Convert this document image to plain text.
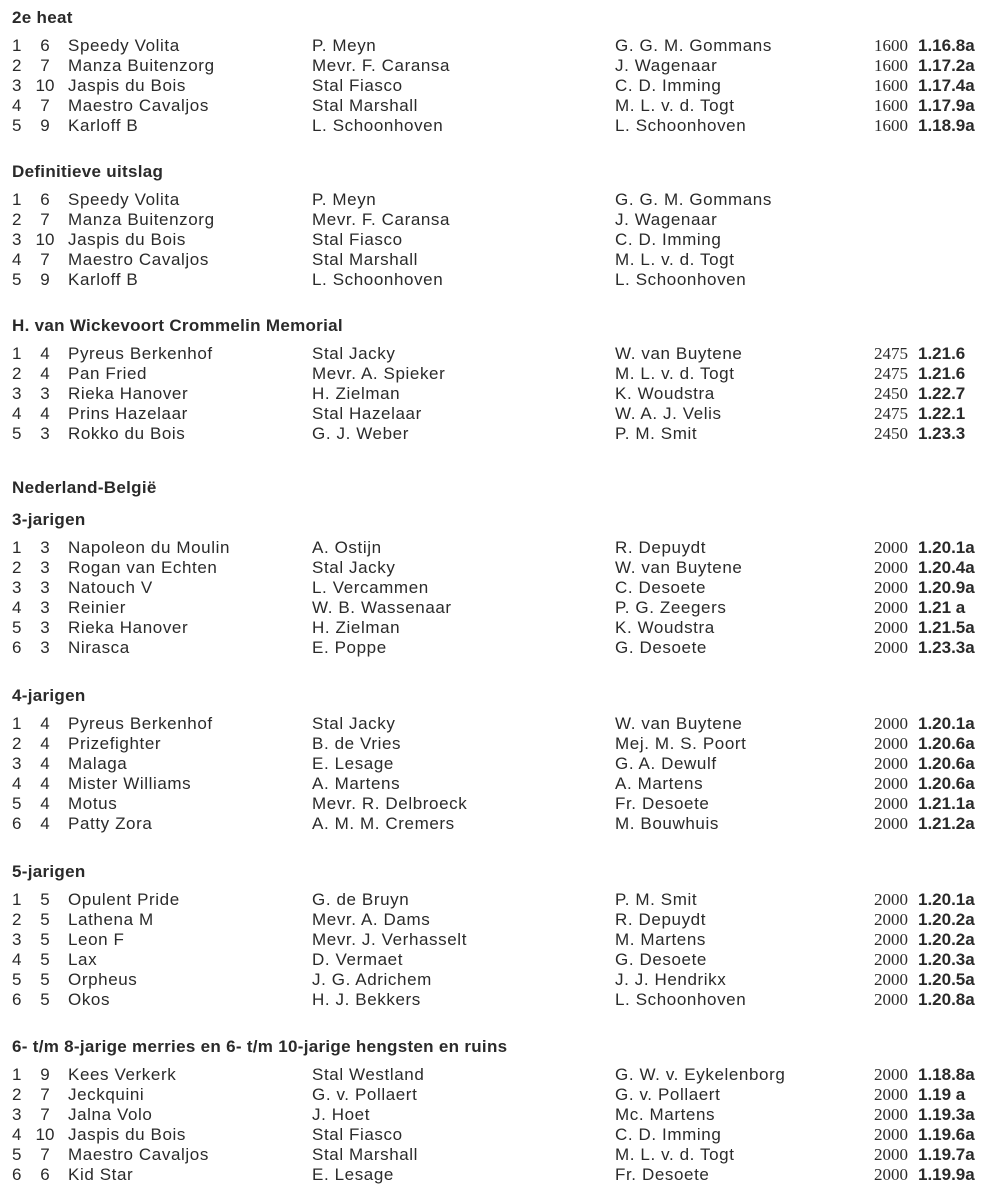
2e heat
1	6	Speedy Volita	P. Meyn	G. G. M. Gommans	1600 1.16.8a
2	7	Manza Buitenzorg	Mevr. F. Caransa	J. Wagenaar	1600 1.17.2a
3 10 Jaspis du Bois	Stal Fiasco	C. D. Imming	1600 1.17.4a
4	7	Maestro Cavaljos	Stal Marshall	M. L. v. d. Togt	1600 1.17.9a
5	9	Karloff B	L. Schoonhoven	L. Schoonhoven	1600 1.18.9a
Definitieve uitslag
1	6	Speedy Volita	P. Meyn	G. G. M. Gommans
2	7	Manza Buitenzorg	Mevr. F. Caransa	J. Wagenaar
3 10 Jaspis du Bois	Stal Fiasco	C. D. Imming
4	7	Maestro Cavaljos	Stal Marshall	M. L. v. d. Togt
5	9	Karloff B	L. Schoonhoven	L. Schoonhoven
H. van Wickevoort Crommelin Memorial
1	4	Pyreus Berkenhof	Stal Jacky	W. van Buytene	2475 1.21.6
2	4	Pan Fried	Mevr. A. Spieker	M. L. v. d. Togt	2475 1.21.6
3	3	Rieka Hanover	H. Zielman	K. Woudstra	2450 1.22.7
4	4	Prins Hazelaar	Stal Hazelaar	W. A. J. Velis	2475 1.22.1
5	3	Rokko du Bois	G. J. Weber	P. M. Smit	2450 1.23.3
Nederland-België
3-jarigen
1	3	Napoleon du Moulin	A. Ostijn	R. Depuydt	2000 1.20.1a
2	3	Rogan van Echten	Stal Jacky	W. van Buytene	2000 1.20.4a
3	3	Natouch V	L. Vercammen	C. Desoete	2000 1.20.9a
4	3	Reinier	W. B. Wassenaar	P. G. Zeegers	2000 1.21 a
5	3	Rieka Hanover	H. Zielman	K. Woudstra	2000 1.21.5a
6	3	Nirasca	E. Poppe	G. Desoete	2000 1.23.3a
4-jarigen
1	4	Pyreus Berkenhof	Stal Jacky	W. van Buytene	2000 1.20.1a
2	4	Prizefighter	B. de Vries	Mej. M. S. Poort	2000 1.20.6a
3	4	Malaga	E. Lesage	G. A. Dewulf	2000 1.20.6a
4	4	Mister Williams	A. Martens	A. Martens	2000 1.20.6a
5	4	Motus	Mevr. R. Delbroeck	Fr. Desoete	2000 1.21.1a
6	4	Patty Zora	A. M. M. Cremers	M. Bouwhuis	2000 1.21.2a
5-jarigen
1	5	Opulent Pride	G. de Bruyn	P. M. Smit	2000 1.20.1a
2	5	Lathena M	Mevr. A. Dams	R. Depuydt	2000 1.20.2a
3	5	Leon F	Mevr. J. Verhasselt	M. Martens	2000 1.20.2a
4	5	Lax	D. Vermaet	G. Desoete	2000 1.20.3a
5	5	Orpheus	J. G. Adrichem	J. J. Hendrikx	2000 1.20.5a
6	5	Okos	H. J. Bekkers	L. Schoonhoven	2000 1.20.8a
6- t/m 8-jarige merries en 6- t/m 10-jarige hengsten en ruins
1	9	Kees Verkerk	Stal Westland	G. W. v. Eykelenborg	2000 1.18.8a
2	7	Jeckquini	G. v. Pollaert	G. v. Pollaert	2000 1.19 a
3	7	Jalna Volo	J. Hoet	Mc. Martens	2000 1.19.3a
4 10 Jaspis du Bois	Stal Fiasco	C. D. Imming	2000 1.19.6a
5	7	Maestro Cavaljos	Stal Marshall	M. L. v. d. Togt	2000 1.19.7a
6	6	Kid Star	E. Lesage	Fr. Desoete	2000 1.19.9a
